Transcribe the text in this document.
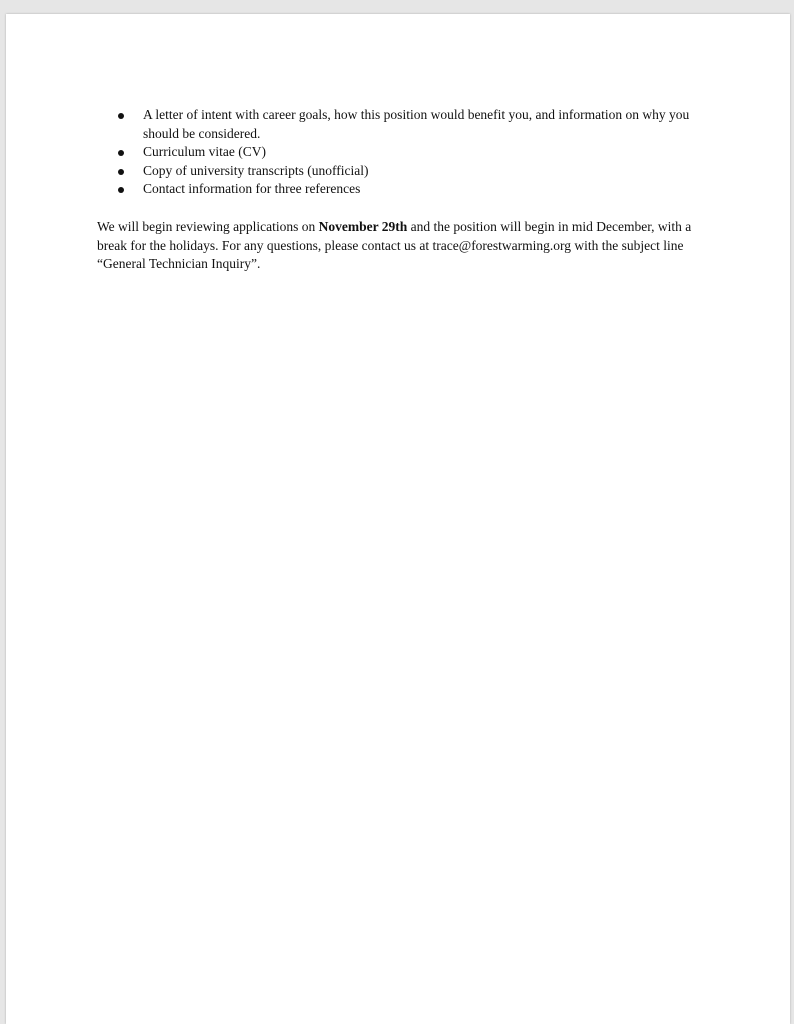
A letter of intent with career goals, how this position would benefit you, and information on why you should be considered.
Curriculum vitae (CV)
Copy of university transcripts (unofficial)
Contact information for three references

We will begin reviewing applications on November 29th and the position will begin in mid December, with a break for the holidays. For any questions, please contact us at trace@forestwarming.org with the subject line “General Technician Inquiry”.
